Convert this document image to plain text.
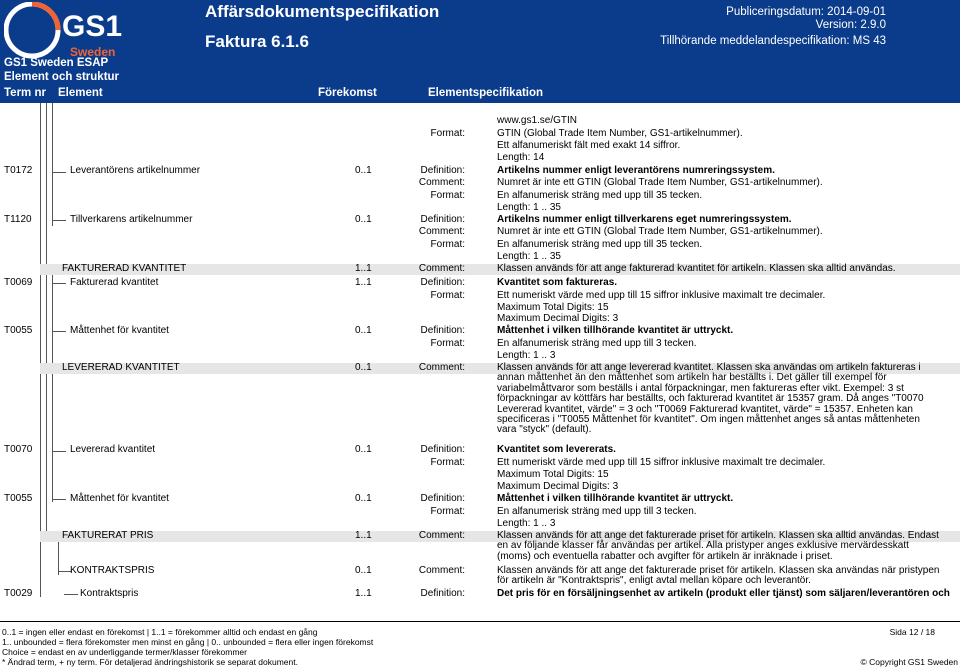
GS1
Sweden
GS1 Sweden ESAP
Element och struktur
Affärsdokumentspecifikation
Faktura 6.1.6
Publiceringsdatum: 2014-09-01
Version: 2.9.0
Tillhörande meddelandespecifikation: MS 43
Term nr Element	Förekomst	Elementspecifikation
www.gs1.se/GTIN
Format:	GTIN (Global Trade Item Number, GS1-artikelnummer).
Ett alfanumeriskt fält med exakt 14 siffror.
Length: 14
T0172	Leverantörens artikelnummer	0..1	Definition:	Artikelns nummer enligt leverantörens numreringssystem.
Comment:	Numret är inte ett GTIN (Global Trade Item Number, GS1-artikelnummer).
Format:	En alfanumerisk sträng med upp till 35 tecken.
Length: 1 .. 35
T1120	Tillverkarens artikelnummer	0..1	Definition:	Artikelns nummer enligt tillverkarens eget numreringssystem.
Comment:	Numret är inte ett GTIN (Global Trade Item Number, GS1-artikelnummer).
Format:	En alfanumerisk sträng med upp till 35 tecken.
Length: 1 .. 35
FAKTURERAD KVANTITET	1..1	Comment:	Klassen används för att ange fakturerad kvantitet för artikeln. Klassen ska alltid användas.
T0069	Fakturerad kvantitet	1..1	Definition:	Kvantitet som faktureras.
Format:	Ett numeriskt värde med upp till 15 siffror inklusive maximalt tre decimaler.
Maximum Total Digits: 15
Maximum Decimal Digits: 3
T0055	Måttenhet för kvantitet	0..1	Definition:	Måttenhet i vilken tillhörande kvantitet är uttryckt.
Format:	En alfanumerisk sträng med upp till 3 tecken.
Length: 1 .. 3
LEVERERAD KVANTITET	0..1	Comment:	Klassen används för att ange levererad kvantitet. Klassen ska användas om artikeln faktureras i annan måttenhet än den måttenhet som artikeln har beställts i. Det gäller till exempel för variabelmåttvaror som beställs i antal förpackningar, men faktureras efter vikt. Exempel: 3 st förpackningar av köttfärs har beställts, och fakturerad kvantitet är 15357 gram. Då anges "T0070 Levererad kvantitet, värde" = 3 och "T0069 Fakturerad kvantitet, värde" = 15357. Enheten kan specificeras i "T0055 Måttenhet för kvantitet". Om ingen måttenhet anges så antas måttenheten vara "styck" (default).
T0070	Levererad kvantitet	0..1	Definition:	Kvantitet som levererats.
Format:	Ett numeriskt värde med upp till 15 siffror inklusive maximalt tre decimaler.
Maximum Total Digits: 15
Maximum Decimal Digits: 3
T0055	Måttenhet för kvantitet	0..1	Definition:	Måttenhet i vilken tillhörande kvantitet är uttryckt.
Format:	En alfanumerisk sträng med upp till 3 tecken.
Length: 1 .. 3
FAKTURERAT PRIS	1..1	Comment:	Klassen används för att ange det fakturerade priset för artikeln. Klassen ska alltid användas. Endast en av följande klasser får användas per artikel. Alla pristyper anges exklusive mervärdesskatt (moms) och eventuella rabatter och avgifter för artikeln är inräknade i priset.
KONTRAKTSPRIS	0..1	Comment:	Klassen används för att ange det fakturerade priset för artikeln. Klassen ska användas när pristypen för artikeln är "Kontraktspris", enligt avtal mellan köpare och leverantör.
T0029	Kontraktspris	1..1	Definition:	Det pris för en försäljningsenhet av artikeln (produkt eller tjänst) som säljaren/leverantören och
0..1 = ingen eller endast en förekomst | 1..1 = förekommer alltid och endast en gång
1.. unbounded = flera förekomster men minst en gång | 0.. unbounded = flera eller ingen förekomst
Choice = endast en av underliggande termer/klasser förekommer
* Ändrad term, + ny term. För detaljerad ändringshistorik se separat dokument.
Sida 12 / 18
© Copyright GS1 Sweden
